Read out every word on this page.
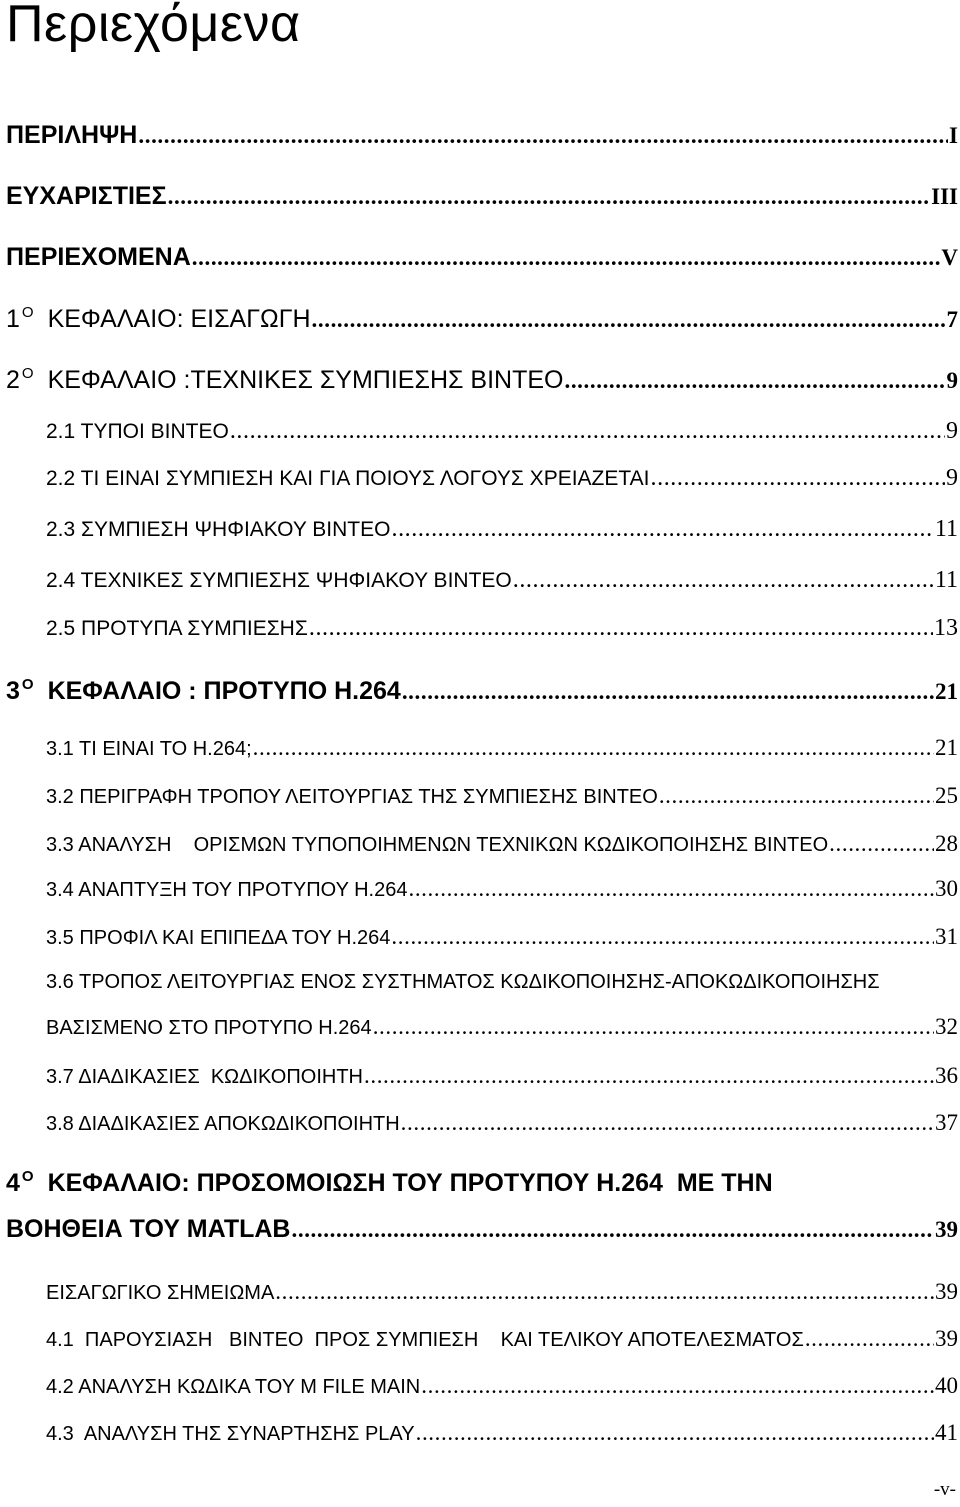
Περιεχόμενα
ΠΕΡΙΛΗΨΗ .....	I
ΕΥΧΑΡΙΣΤΙΕΣ .....	III
ΠΕΡΙΕΧΟΜΕΝΑ .....	V
1 $^O$ ΚΕΦΑΛΑΙΟ: ΕΙΣΑΓΩΓΗ .....	7
2 $^O$ ΚΕΦΑΛΑΙΟ :ΤΕΧΝΙΚΕΣ ΣΥΜΠΙΕΣΗΣ ΒΙΝΤΕΟ .....	9
2.1 ΤΥΠΟΙ ΒΙΝΤΕΟ .....	9
2.2 ΤΙ ΕΙΝΑΙ ΣΥΜΠΙΕΣΗ ΚΑΙ ΓΙΑ ΠΟΙΟΥΣ ΛΟΓΟΥΣ ΧΡΕΙΑΖΕΤΑΙ .....	9
2.3 ΣΥΜΠΙΕΣΗ ΨΗΦΙΑΚΟΥ ΒΙΝΤΕΟ .....	11
2.4 ΤΕΧΝΙΚΕΣ ΣΥΜΠΙΕΣΗΣ ΨΗΦΙΑΚΟΥ ΒΙΝΤΕΟ .....	11
2.5 ΠΡΟΤΥΠΑ ΣΥΜΠΙΕΣΗΣ .....	13
3 $^O$ ΚΕΦΑΛΑΙΟ : ΠΡΟΤΥΠΟ Η.264 .....	21
3.1 ΤΙ ΕΙΝΑΙ ΤΟ Η.264; .....	21
3.2 ΠΕΡΙΓΡΑΦΗ ΤΡΟΠΟΥ ΛΕΙΤΟΥΡΓΙΑΣ ΤΗΣ ΣΥΜΠΙΕΣΗΣ ΒΙΝΤΕΟ .....	25
3.3 ΑΝΑΛΥΣΗ    ΟΡΙΣΜΩΝ ΤΥΠΟΠΟΙΗΜΕΝΩΝ ΤΕΧΝΙΚΩΝ ΚΩΔΙΚΟΠΟΙΗΣΗΣ ΒΙΝΤΕΟ .....	28
3.4 ΑΝΑΠΤΥΞΗ ΤΟΥ ΠΡΟΤΥΠΟΥ Η.264 .....	30
3.5 ΠΡΟΦΙΛ ΚΑΙ ΕΠΙΠΕΔΑ ΤΟΥ Η.264 .....	31
3.6 ΤΡΟΠΟΣ ΛΕΙΤΟΥΡΓΙΑΣ ΕΝΟΣ ΣΥΣΤΗΜΑΤΟΣ ΚΩΔΙΚΟΠΟΙΗΣΗΣ-ΑΠΟΚΩΔΙΚΟΠΟΙΗΣΗΣ
ΒΑΣΙΣΜΕΝΟ ΣΤΟ ΠΡΟΤΥΠΟ Η.264 .....	32
3.7 ΔΙΑΔΙΚΑΣΙΕΣ  ΚΩΔΙΚΟΠΟΙΗΤΗ .....	36
3.8 ΔΙΑΔΙΚΑΣΙΕΣ ΑΠΟΚΩΔΙΚΟΠΟΙΗΤΗ .....	37
4 $^O$ ΚΕΦΑΛΑΙΟ: ΠΡΟΣΟΜΟΙΩΣΗ ΤΟΥ ΠΡΟΤΥΠΟΥ Η.264  ΜΕ ΤΗΝ
ΒΟΗΘΕΙΑ ΤΟΥ MATLAB .....	39
ΕΙΣΑΓΩΓΙΚΟ ΣΗΜΕΙΩΜΑ .....	39
4.1  ΠΑΡΟΥΣΙΑΣΗ   ΒΙΝΤΕΟ  ΠΡΟΣ ΣΥΜΠΙΕΣΗ    ΚΑΙ ΤΕΛΙΚΟΥ ΑΠΟΤΕΛΕΣΜΑΤΟΣ .....	39
4.2 ΑΝΑΛΥΣΗ ΚΩΔΙΚΑ ΤΟΥ M FILE MAIN .....	40
4.3  ΑΝΑΛΥΣΗ ΤΗΣ ΣΥΝΑΡΤΗΣΗΣ PLAY .....	41
-v-
